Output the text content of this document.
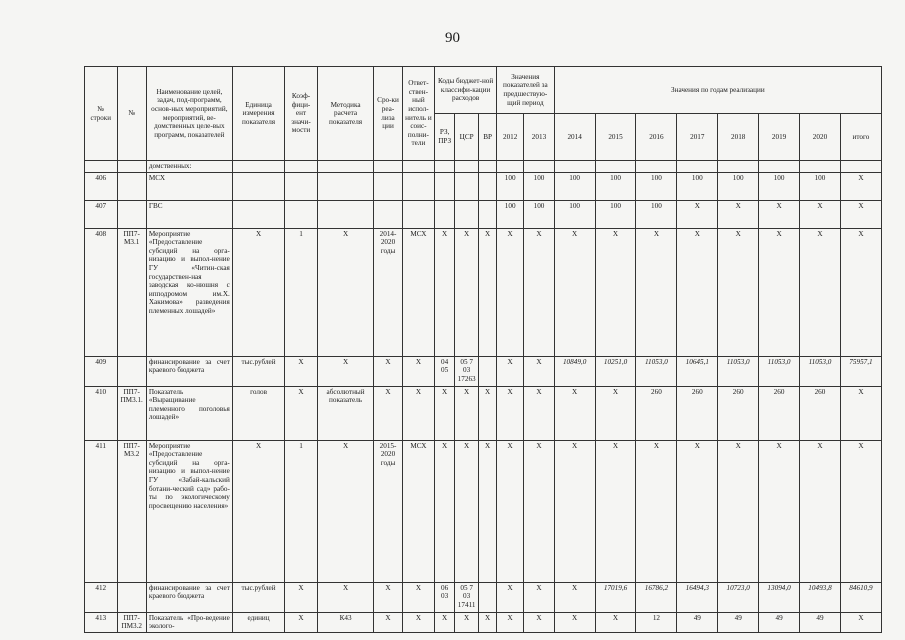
90
№ строки	№	Наименование целей, задач, под-программ, основ-ных мероприятий, мероприятий, ве-домственных целе-вых программ, показателей	Единица измерения показателя	Коэф-фици-ент значи-мости	Методика расчета показателя	Сро-ки реа-лиза ции	Ответ-ствен-ный испол-нитель и соис-полни-тели	Коды бюджет-ной классифи-кации расходов			Значения показателей за предшествую-щий период		Значения по годам реализации							
								РЗ, ПРЗ	ЦСР	ВР	2012	2013	2014	2015	2016	2017	2018	2019	2020	итого
		домственных:																		
406		МСХ									100	100	100	100	100	100	100	100	100	Х
407		ГВС									100	100	100	100	100	Х	Х	Х	Х	Х
408	ПП7-М3.1	Мероприятие «Предоставление субсидий на орга-низацию и выпол-нение ГУ «Читин-ская государствен-ная заводская ко-нюшня с ипподромом им.Х. Хакимова» разведения племенных лошадей»	Х	1	Х	2014-2020 годы	МСХ	Х	Х	Х	Х	Х	Х	Х	Х	Х	Х	Х	Х	Х
409		финансирование за счет краевого бюджета	тыс.рублей	Х	Х	Х	Х	04 05	05 7 03 17263		Х	Х	10849,0	10251,0	11053,0	10645,1	11053,0	11053,0	11053,0	75957,1
410	ПП7-ПМ3.1.	Показатель «Выращивание племенного поголовья лошадей»	голов	Х	абсолютный показатель	Х	Х	Х	Х	Х	Х	Х	Х	Х	260	260	260	260	260	Х
411	ПП7-М3.2	Мероприятие «Предоставление субсидий на орга-низацию и выпол-нение ГУ «Забай-кальский ботани-ческий сад» рабо-ты по экологическому просвещению населения»	Х	1	Х	2015-2020 годы	МСХ	Х	Х	Х	Х	Х	Х	Х	Х	Х	Х	Х	Х	Х
412		финансирование за счет краевого бюджета	тыс.рублей	Х	Х	Х	Х	06 03	05 7 03 17411		Х	Х	Х	17019,6	16786,2	16494,3	10723,0	13094,0	10493,8	84610,9
413	ПП7-ПМ3.2	Показатель «Про-ведение эколого-	единиц	Х	К43	Х	Х	Х	Х	Х	Х	Х	Х	Х	12	49	49	49	49	Х
